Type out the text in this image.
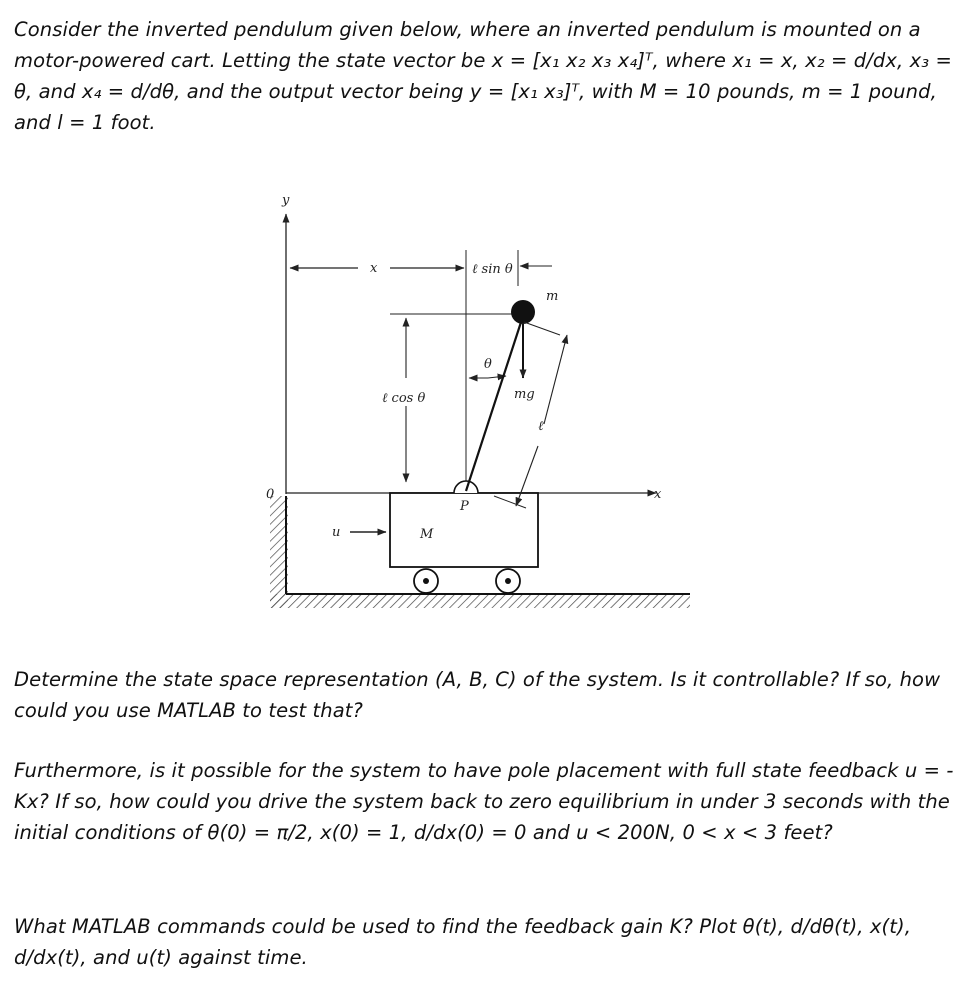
Consider the inverted pendulum given below, where an inverted pendulum is mounted on a motor-powered cart. Letting the state vector be x = [x₁ x₂ x₃ x₄]ᵀ, where x₁ = x, x₂ = d/dx, x₃ = θ, and x₄ = d/dθ, and the output vector being y = [x₁ x₃]ᵀ, with M = 10 pounds, m = 1 pound, and l = 1 foot.

y
x
0
x	ℓ sin θ
ℓ cos θ
θ
M
P
u
m
mg
ℓ

Determine the state space representation (A, B, C) of the system. Is it controllable? If so, how could you use MATLAB to test that?

Furthermore, is it possible for the system to have pole placement with full state feedback u = -Kx? If so, how could you drive the system back to zero equilibrium in under 3 seconds with the initial conditions of θ(0) = π/2, x(0) = 1, d/dx(0) = 0 and u < 200N, 0 < x < 3 feet?

What MATLAB commands could be used to find the feedback gain K? Plot θ(t), d/dθ(t), x(t), d/dx(t), and u(t) against time.
